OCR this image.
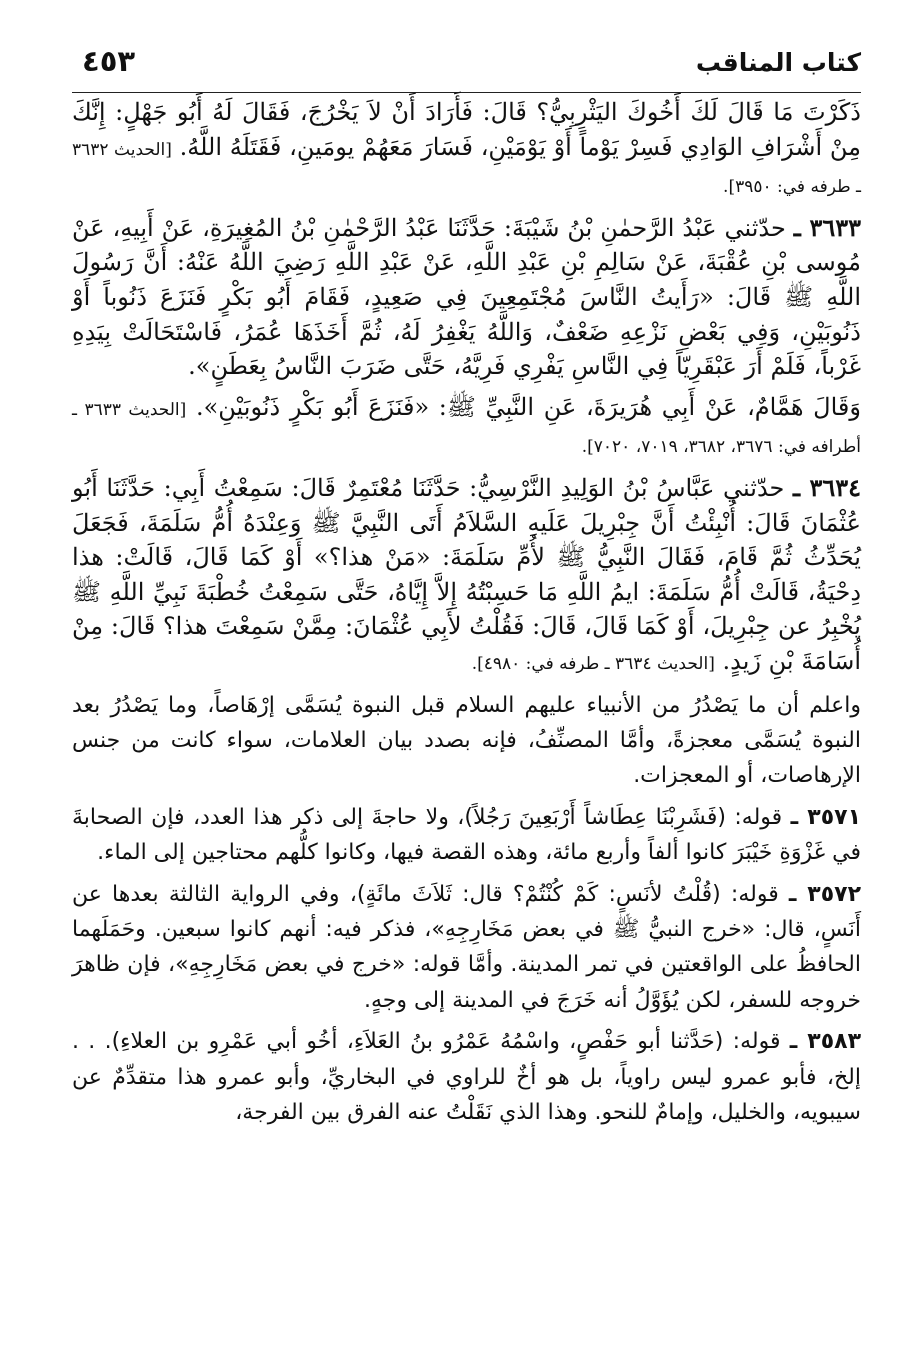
٤٥٣	كتاب المناقب

ذَكَرْتَ مَا قَالَ لَكَ أَخُوكَ اليَثْرِبِيُّ؟ قَالَ: فَأَرَادَ أَنْ لاَ يَخْرُجَ، فَقَالَ لَهُ أَبُو جَهْلٍ: إِنَّكَ مِنْ أَشْرَافِ الوَادِي فَسِرْ يَوْماً أَوْ يَوْمَيْنِ، فَسَارَ مَعَهُمْ يومَينِ، فَقَتَلَهُ اللَّهُ. [الحديث ٣٦٣٢ ـ طرفه في: ٣٩٥٠].

٣٦٣٣ ـ حدّثني عَبْدُ الرَّحمٰنِ بْنُ شَيْبَةَ: حَدَّثَنَا عَبْدُ الرَّحْمٰنِ بْنُ المُغِيرَةِ، عَنْ أَبِيهِ، عَنْ مُوسى بْنِ عُقْبَةَ، عَنْ سَالِمِ بْنِ عَبْدِ اللَّهِ، عَنْ عَبْدِ اللَّهِ رَضِيَ اللَّهُ عَنْهُ: أَنَّ رَسُولَ اللَّهِ ﷺ قَالَ: «رَأَيتُ النَّاسَ مُجْتَمِعِينَ فِي صَعِيدٍ، فَقَامَ أَبُو بَكْرٍ فَنَزَعَ ذَنُوباً أَوْ ذَنُوبَيْنِ، وَفِي بَعْضِ نَزْعِهِ ضَعْفٌ، وَاللَّهُ يَغْفِرُ لَهُ، ثُمَّ أَخَذَهَا عُمَرُ، فَاسْتَحَالَتْ بِيَدِهِ غَرْباً، فَلَمْ أَرَ عَبْقَرِيّاً فِي النَّاسِ يَفْرِي فَرِيَّهُ، حَتَّى ضَرَبَ النَّاسُ بِعَطَنٍ».

وَقَالَ هَمَّامٌ، عَنْ أَبِي هُرَيرَةَ، عَنِ النَّبِيِّ ﷺ: «فَنَزَعَ أَبُو بَكْرٍ ذَنُوبَيْنِ». [الحديث ٣٦٣٣ ـ أطرافه في: ٣٦٧٦، ٣٦٨٢، ٧٠١٩، ٧٠٢٠].

٣٦٣٤ ـ حدّثني عَبَّاسُ بْنُ الوَلِيدِ النَّرْسِيُّ: حَدَّثَنَا مُعْتَمِرٌ قَالَ: سَمِعْتُ أَبِي: حَدَّثَنَا أَبُو عُثْمَانَ قَالَ: أُنْبِئْتُ أَنَّ جِبْرِيلَ عَلَيهِ السَّلاَمُ أَتَى النَّبِيَّ ﷺ وَعِنْدَهُ أُمُّ سَلَمَةَ، فَجَعَلَ يُحَدِّثُ ثُمَّ قَامَ، فَقَالَ النَّبِيُّ ﷺ لأُمِّ سَلَمَةَ: «مَنْ هذا؟» أَوْ كَمَا قَالَ، قَالَتْ: هذا دِحْيَةُ، قَالَتْ أُمُّ سَلَمَةَ: ايمُ اللَّهِ مَا حَسِبْتُهُ إِلاَّ إِيَّاهُ، حَتَّى سَمِعْتُ خُطْبَةَ نَبِيِّ اللَّهِ ﷺ يُخْبِرُ عن جِبْرِيلَ، أَوْ كَمَا قَالَ، قَالَ: فَقُلْتُ لأَبِي عُثْمَانَ: مِمَّنْ سَمِعْتَ هذا؟ قَالَ: مِنْ أُسَامَةَ بْنِ زَيدٍ. [الحديث ٣٦٣٤ ـ طرفه في: ٤٩٨٠].

واعلم أن ما يَصْدُرُ من الأنبياء عليهم السلام قبل النبوة يُسَمَّى إرْهَاصاً، وما يَصْدُرُ بعد النبوة يُسَمَّى معجزةً، وأمَّا المصنِّفُ، فإنه بصدد بيان العلامات، سواء كانت من جنس الإرهاصات، أو المعجزات.

٣٥٧١ ـ قوله: (فَشَرِبْنَا عِطَاشاً أَرْبَعِينَ رَجُلاً)، ولا حاجةَ إلى ذكر هذا العدد، فإن الصحابةَ في غَزْوَةِ خَيْبَرَ كانوا ألفاً وأربع مائة، وهذه القصة فيها، وكانوا كلُّهم محتاجين إلى الماء.

٣٥٧٢ ـ قوله: (قُلْتُ لأنَسٍ: كَمْ كُنْتُمْ؟ قال: ثَلاَثَ مائَةٍ)، وفي الرواية الثالثة بعدها عن أَنَسٍ، قال: «خرج النبيُّ ﷺ في بعض مَخَارِجِهِ»، فذكر فيه: أنهم كانوا سبعين. وحَمَلَهما الحافظُ على الواقعتين في تمر المدينة. وأمَّا قوله: «خرج في بعض مَخَارِجِهِ»، فإن ظاهرَ خروجه للسفر، لكن يُؤَوَّلُ أنه خَرَجَ في المدينة إلى وجهٍ.

٣٥٨٣ ـ قوله: (حَدَّثنا أبو حَفْصٍ، واسْمُهُ عَمْرُو بنُ العَلاَءِ، أخُو أبي عَمْرِو بن العلاءِ). . . إلخ، فأبو عمرو ليس راوياً، بل هو أخٌ للراوي في البخاريِّ، وأبو عمرو هذا متقدِّمٌ عن سيبويه، والخليل، وإمامٌ للنحو. وهذا الذي نَقَلْتُ عنه الفرق بين الفرجة،
